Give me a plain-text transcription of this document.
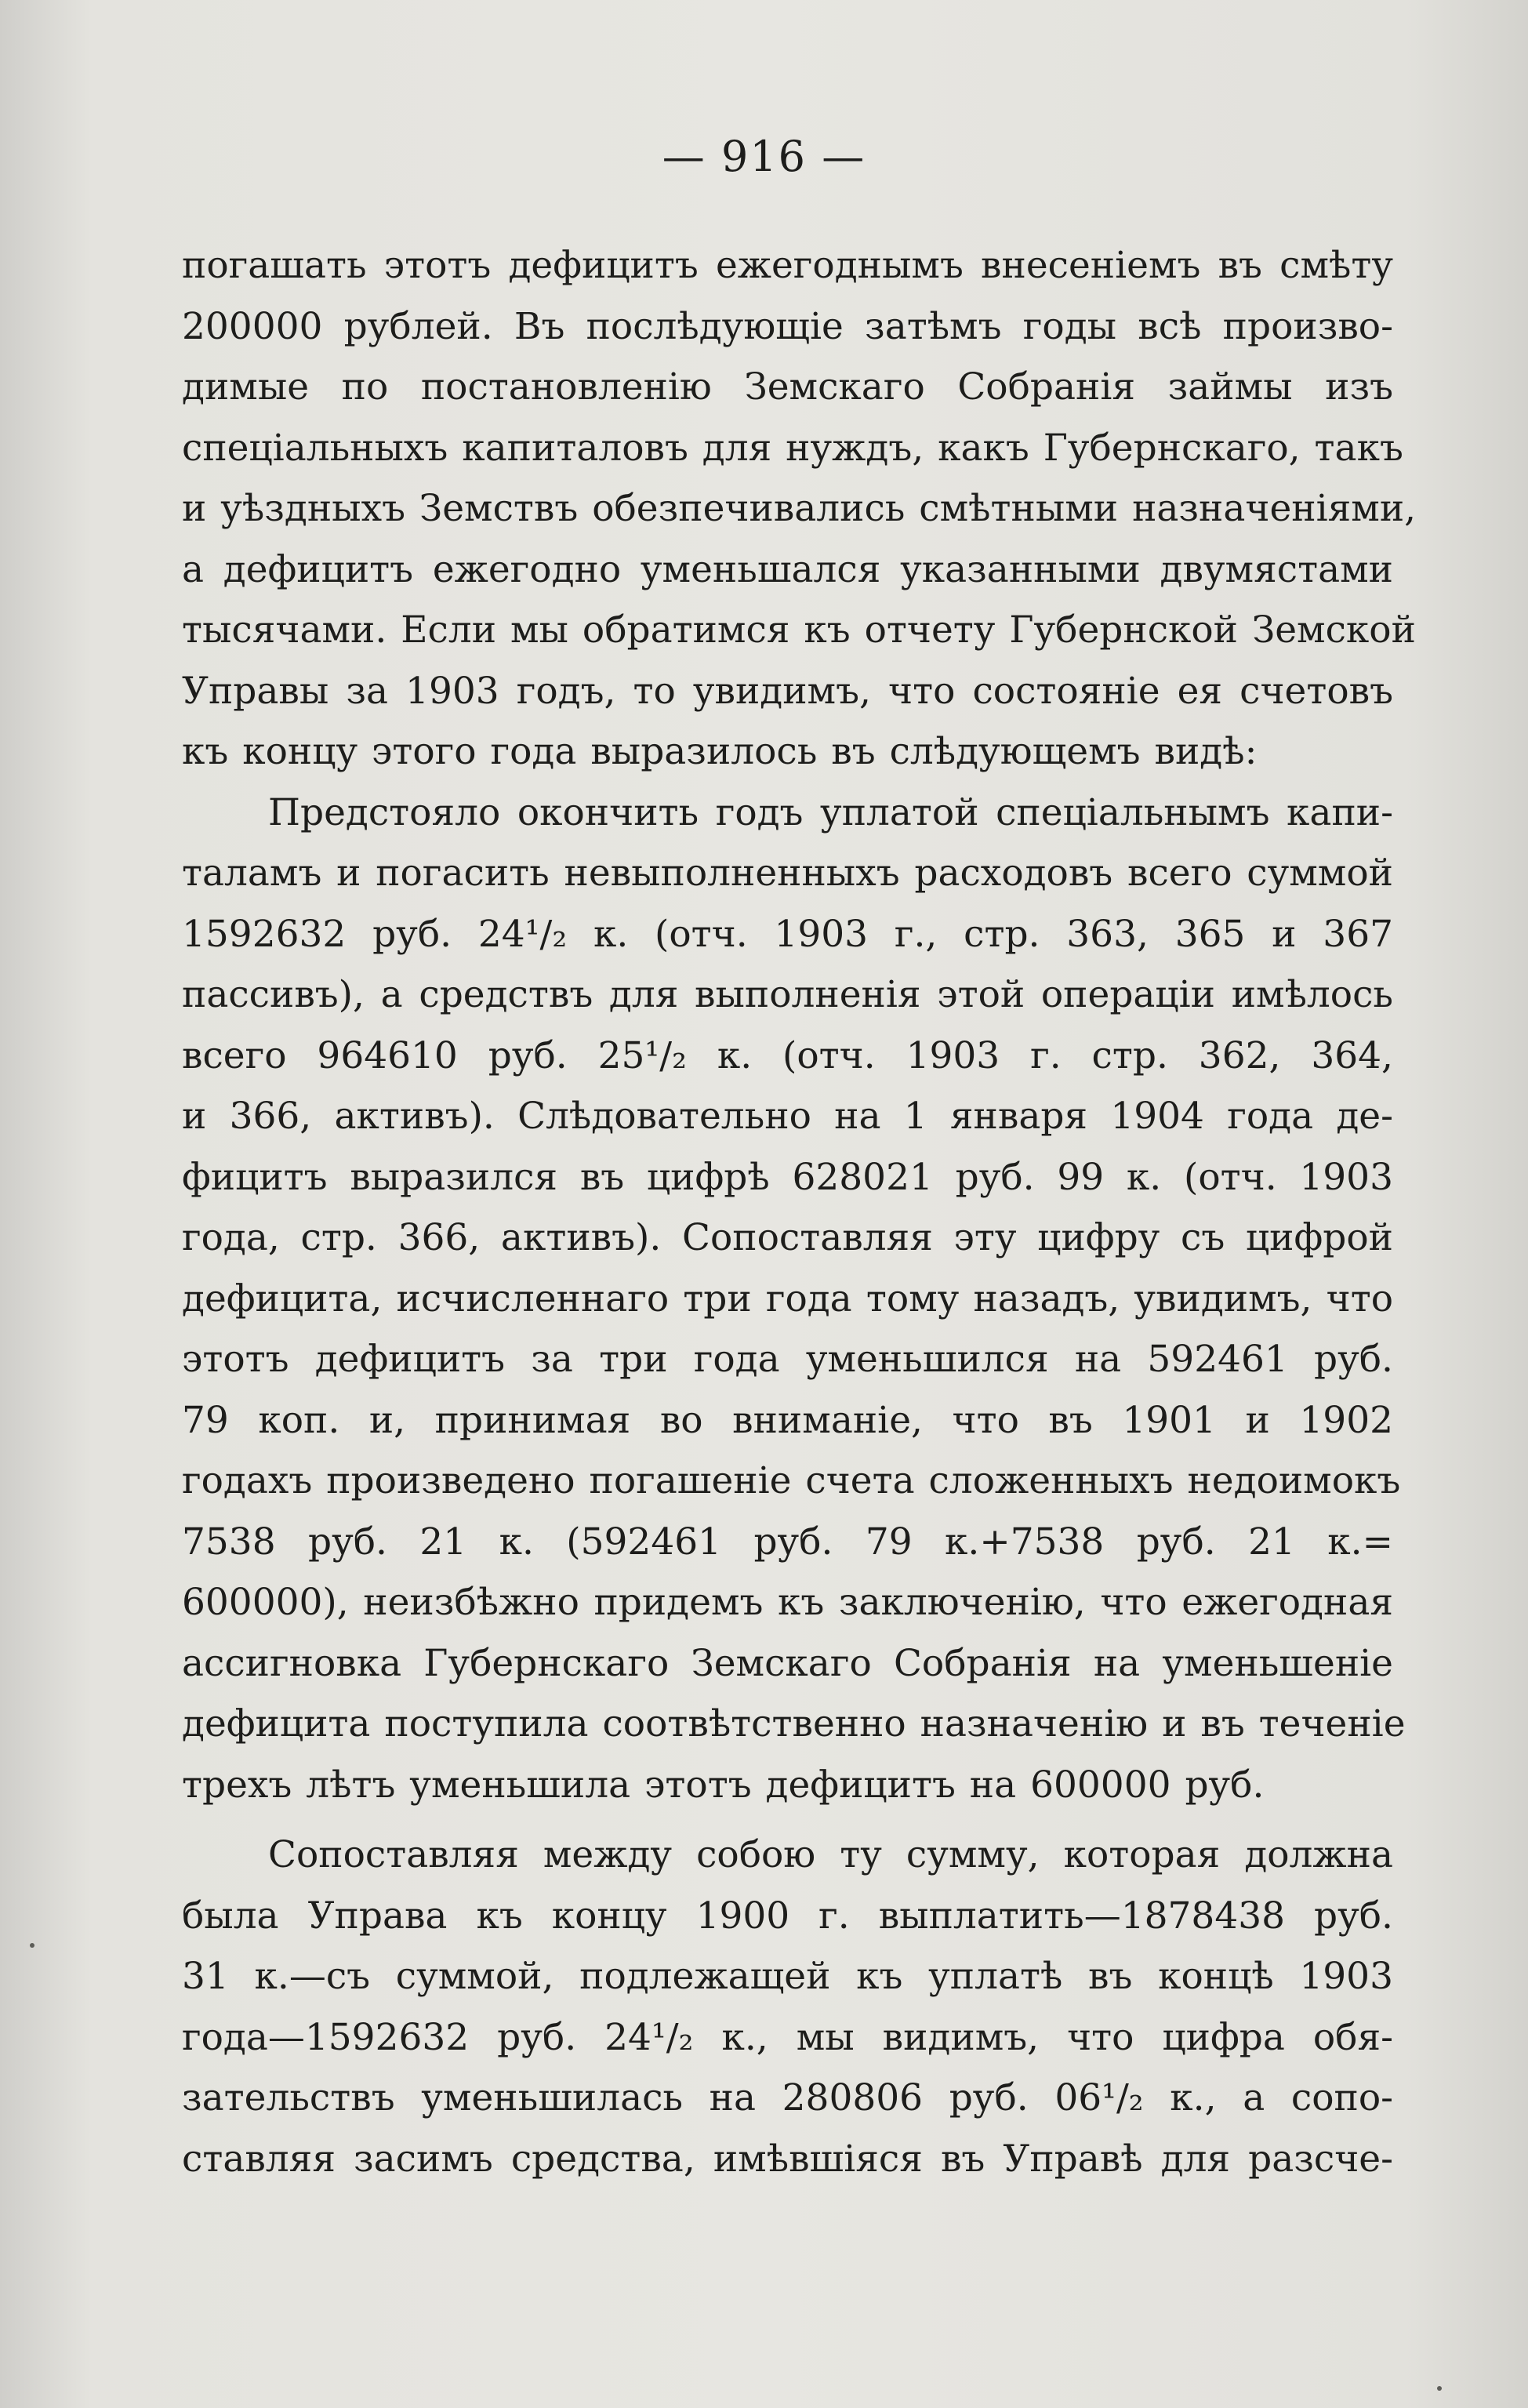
— 916 —

погашать этотъ дефицитъ ежегоднымъ внесеніемъ въ смѣту
200000 рублей. Въ послѣдующіе затѣмъ годы всѣ произво-
димые по постановленію Земскаго Собранія займы изъ
спеціальныхъ капиталовъ для нуждъ, какъ Губернскаго, такъ
и уѣздныхъ Земствъ обезпечивались смѣтными назначеніями,
а дефицитъ ежегодно уменьшался указанными двумястами
тысячами. Если мы обратимся къ отчету Губернской Земской
Управы за 1903 годъ, то увидимъ, что состояніе ея счетовъ
къ концу этого года выразилось въ слѣдующемъ видѣ:

Предстояло окончить годъ уплатой спеціальнымъ капи-
таламъ и погасить невыполненныхъ расходовъ всего суммой
1592632 руб. 24¹/₂ к. (отч. 1903 г., стр. 363, 365 и 367
пассивъ), а средствъ для выполненія этой операціи имѣлось
всего 964610 руб. 25¹/₂ к. (отч. 1903 г. стр. 362, 364,
и 366, активъ). Слѣдовательно на 1 января 1904 года де-
фицитъ выразился въ цифрѣ 628021 руб. 99 к. (отч. 1903
года, стр. 366, активъ). Сопоставляя эту цифру съ цифрой
дефицита, исчисленнаго три года тому назадъ, увидимъ, что
этотъ дефицитъ за три года уменьшился на 592461 руб.
79 коп. и, принимая во вниманіе, что въ 1901 и 1902
годахъ произведено погашеніе счета сложенныхъ недоимокъ
7538 руб. 21 к. (592461 руб. 79 к.+7538 руб. 21 к.=
600000), неизбѣжно придемъ къ заключенію, что ежегодная
ассигновка Губернскаго Земскаго Собранія на уменьшеніе
дефицита поступила соотвѣтственно назначенію и въ теченіе
трехъ лѣтъ уменьшила этотъ дефицитъ на 600000 руб.

Сопоставляя между собою ту сумму, которая должна
была Управа къ концу 1900 г. выплатить—1878438 руб.
31 к.—съ суммой, подлежащей къ уплатѣ въ концѣ 1903
года—1592632 руб. 24¹/₂ к., мы видимъ, что цифра обя-
зательствъ уменьшилась на 280806 руб. 06¹/₂ к., а сопо-
ставляя засимъ средства, имѣвшіяся въ Управѣ для разсче-
